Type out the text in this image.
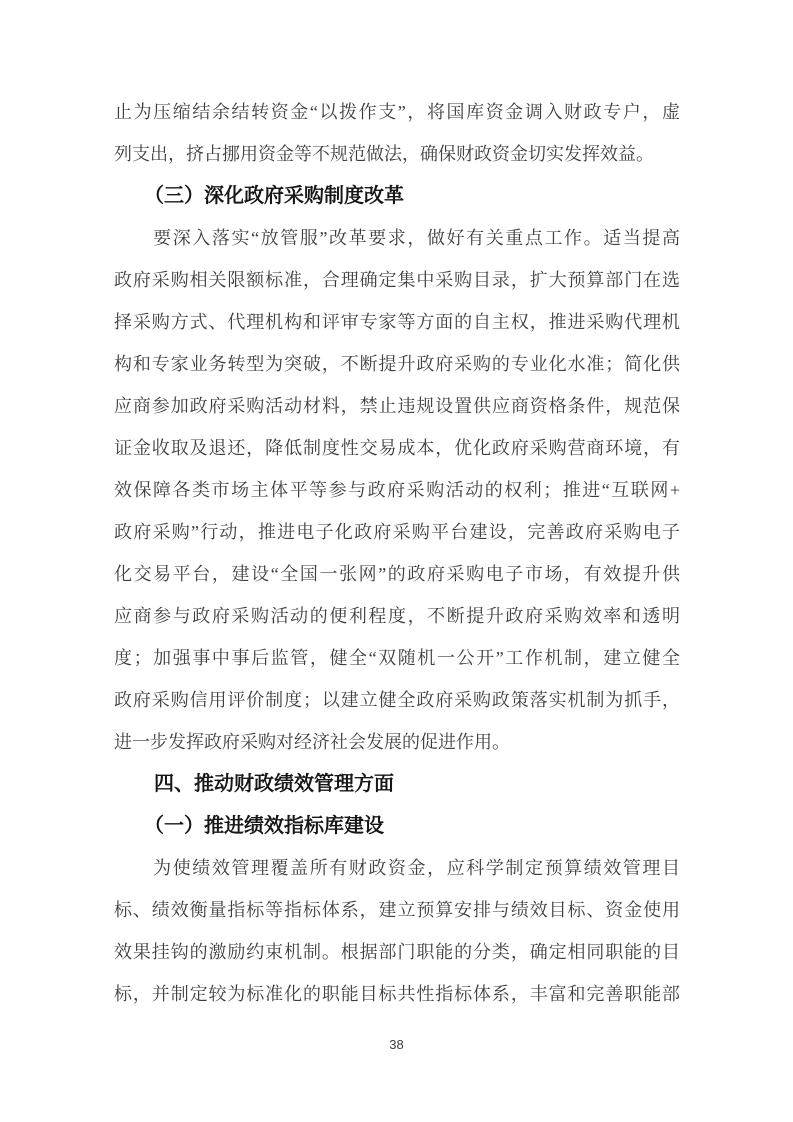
止为压缩结余结转资金“以拨作支”，将国库资金调入财政专户，虚
列支出，挤占挪用资金等不规范做法，确保财政资金切实发挥效益。
　　（三）深化政府采购制度改革
　　要深入落实“放管服”改革要求，做好有关重点工作。适当提高
政府采购相关限额标准，合理确定集中采购目录，扩大预算部门在选
择采购方式、代理机构和评审专家等方面的自主权，推进采购代理机
构和专家业务转型为突破，不断提升政府采购的专业化水准；简化供
应商参加政府采购活动材料，禁止违规设置供应商资格条件，规范保
证金收取及退还，降低制度性交易成本，优化政府采购营商环境，有
效保障各类市场主体平等参与政府采购活动的权利；推进“互联网+
政府采购”行动，推进电子化政府采购平台建设，完善政府采购电子
化交易平台，建设“全国一张网”的政府采购电子市场，有效提升供
应商参与政府采购活动的便利程度，不断提升政府采购效率和透明
度；加强事中事后监管，健全“双随机一公开”工作机制，建立健全
政府采购信用评价制度；以建立健全政府采购政策落实机制为抓手，
进一步发挥政府采购对经济社会发展的促进作用。
　　四、推动财政绩效管理方面
　　（一）推进绩效指标库建设
　　为使绩效管理覆盖所有财政资金，应科学制定预算绩效管理目
标、绩效衡量指标等指标体系，建立预算安排与绩效目标、资金使用
效果挂钩的激励约束机制。根据部门职能的分类，确定相同职能的目
标，并制定较为标准化的职能目标共性指标体系，丰富和完善职能部
38
